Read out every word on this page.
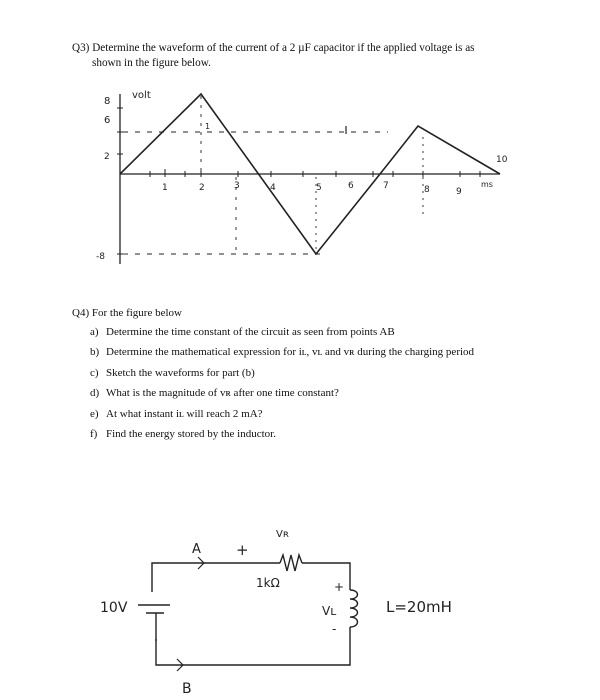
Q3) Determine the waveform of the current of a 2 µF capacitor if the applied voltage is as
shown in the figure below.

8
6
2
-8
volt
ms
1
1	2	3	4	5	6	7	8	9
10

Q4) For the figure below

a) Determine the time constant of the circuit as seen from points AB
b) Determine the mathematical expression for iʟ, vʟ and vʀ during the charging period
c) Sketch the waveforms for part (b)
d) What is the magnitude of vʀ after one time constant?
e) At what instant iʟ will reach 2 mA?
f) Find the energy stored by the inductor.
A +
Vʀ
1kΩ
10V
+
Vʟ
-
L=20mH
B
